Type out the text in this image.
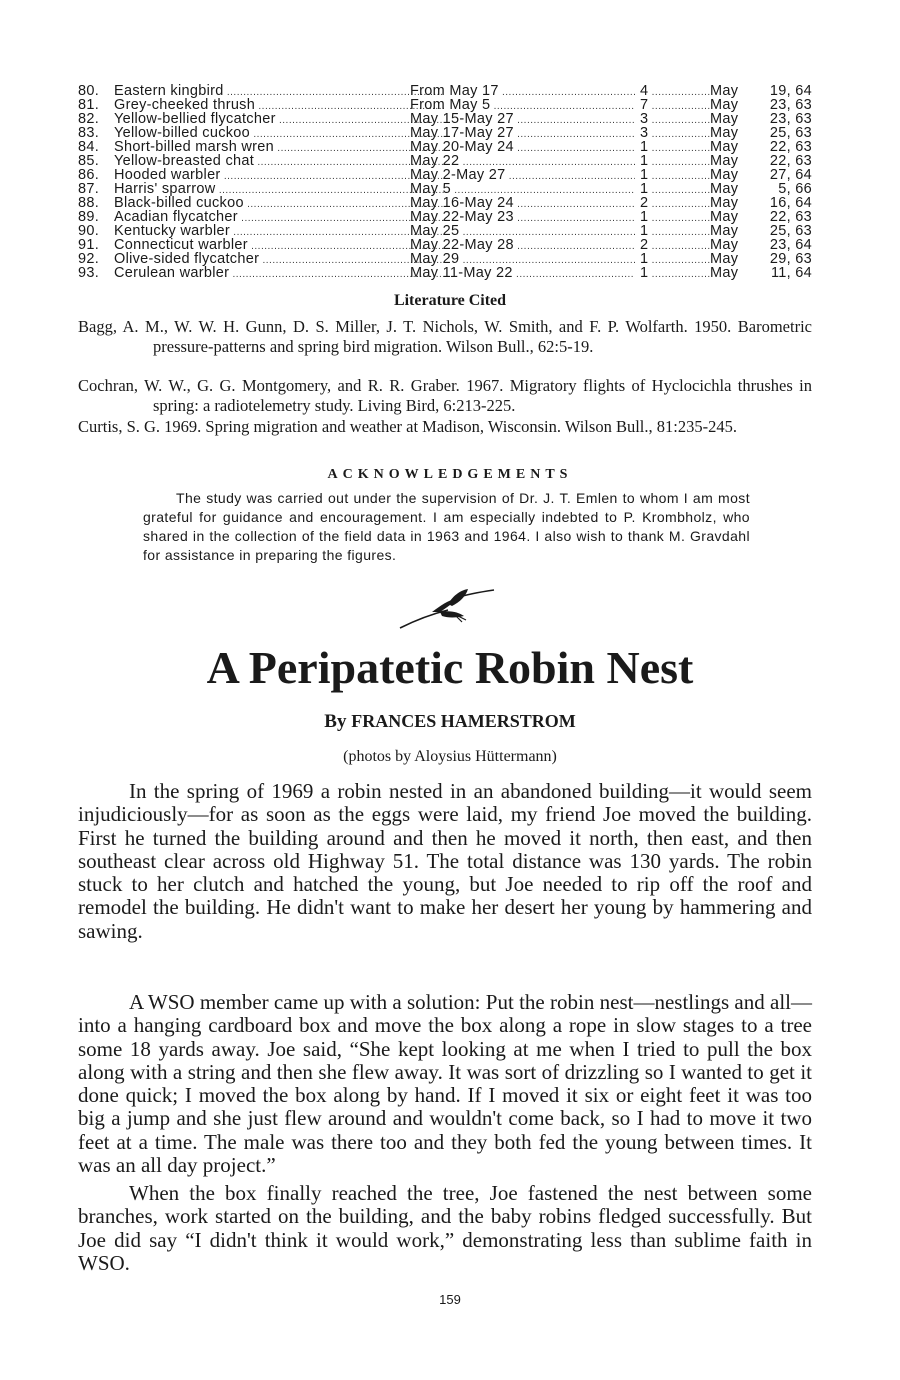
80.	Eastern kingbird .....	From May 17 .....	4 .....	May	19, 64
81.	Grey-cheeked thrush .....	From May 5 .....	7 .....	May	23, 63
82.	Yellow-bellied flycatcher .....	May 15-May 27 .....	3 .....	May	23, 63
83.	Yellow-billed cuckoo .....	May 17-May 27 .....	3 .....	May	25, 63
84.	Short-billed marsh wren .....	May 20-May 24 .....	1 .....	May	22, 63
85.	Yellow-breasted chat .....	May 22 .....	1 .....	May	22, 63
86.	Hooded warbler .....	May 2-May 27 .....	1 .....	May	27, 64
87.	Harris' sparrow .....	May 5 .....	1 .....	May	5, 66
88.	Black-billed cuckoo .....	May 16-May 24 .....	2 .....	May	16, 64
89.	Acadian flycatcher .....	May 22-May 23 .....	1 .....	May	22, 63
90.	Kentucky warbler .....	May 25 .....	1 .....	May	25, 63
91.	Connecticut warbler .....	May 22-May 28 .....	2 .....	May	23, 64
92.	Olive-sided flycatcher .....	May 29 .....	1 .....	May	29, 63
93.	Cerulean warbler .....	May 11-May 22 .....	1 .....	May	11, 64
Literature Cited
Bagg, A. M., W. W. H. Gunn, D. S. Miller, J. T. Nichols, W. Smith, and F. P. Wolfarth. 1950. Barometric pressure-patterns and spring bird migration. Wilson Bull., 62:5-19.
Cochran, W. W., G. G. Montgomery, and R. R. Graber. 1967. Migratory flights of Hyclocichla thrushes in spring: a radiotelemetry study. Living Bird, 6:213-225.
Curtis, S. G. 1969. Spring migration and weather at Madison, Wisconsin. Wilson Bull., 81:235-245.
ACKNOWLEDGEMENTS
The study was carried out under the supervision of Dr. J. T. Emlen to whom I am most grateful for guidance and encouragement. I am especially indebted to P. Krombholz, who shared in the collection of the field data in 1963 and 1964. I also wish to thank M. Gravdahl for assistance in preparing the figures.
A Peripatetic Robin Nest
By FRANCES HAMERSTROM
(photos by Aloysius Hüttermann)
In the spring of 1969 a robin nested in an abandoned building—it would seem injudiciously—for as soon as the eggs were laid, my friend Joe moved the building. First he turned the building around and then he moved it north, then east, and then southeast clear across old Highway 51. The total distance was 130 yards. The robin stuck to her clutch and hatched the young, but Joe needed to rip off the roof and remodel the building. He didn't want to make her desert her young by hammering and sawing.
A WSO member came up with a solution: Put the robin nest—nestlings and all—into a hanging cardboard box and move the box along a rope in slow stages to a tree some 18 yards away. Joe said, “She kept looking at me when I tried to pull the box along with a string and then she flew away. It was sort of drizzling so I wanted to get it done quick; I moved the box along by hand. If I moved it six or eight feet it was too big a jump and she just flew around and wouldn't come back, so I had to move it two feet at a time. The male was there too and they both fed the young between times. It was an all day project.”
When the box finally reached the tree, Joe fastened the nest between some branches, work started on the building, and the baby robins fledged successfully. But Joe did say “I didn't think it would work,” demonstrating less than sublime faith in WSO.
159
